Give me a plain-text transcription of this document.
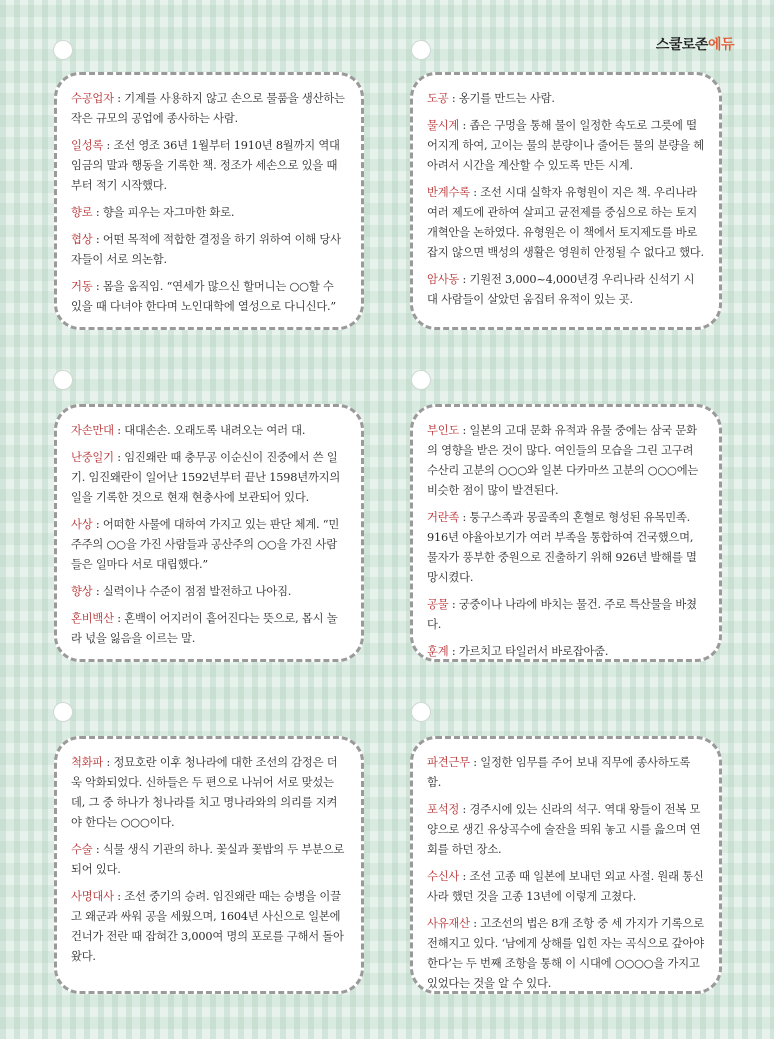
스쿨로존에듀

수공업자 : 기계를 사용하지 않고 손으로 물품을 생산하는 작은 규모의 공업에 종사하는 사람.

일성록 : 조선 영조 36년 1월부터 1910년 8월까지 역대 임금의 말과 행동을 기록한 책. 정조가 세손으로 있을 때부터 적기 시작했다.

향로 : 향을 피우는 자그마한 화로.

협상 : 어떤 목적에 적합한 결정을 하기 위하여 이해 당사자들이 서로 의논함.

거동 : 몸을 움직임. “연세가 많으신 할머니는 ○○할 수 있을 때 다녀야 한다며 노인대학에 열성으로 다니신다.”

도공 : 옹기를 만드는 사람.

물시계 : 좁은 구멍을 통해 물이 일정한 속도로 그릇에 떨어지게 하여, 고이는 물의 분량이나 줄어든 물의 분량을 헤아려서 시간을 계산할 수 있도록 만든 시계.

반계수록 : 조선 시대 실학자 유형원이 지은 책. 우리나라 여러 제도에 관하여 살피고 균전제를 중심으로 하는 토지 개혁안을 논하였다. 유형원은 이 책에서 토지제도를 바로잡지 않으면 백성의 생활은 영원히 안정될 수 없다고 했다.

암사동 : 기원전 3,000~4,000년경 우리나라 신석기 시대 사람들이 살았던 움집터 유적이 있는 곳.

자손만대 : 대대손손. 오래도록 내려오는 여러 대.

난중일기 : 임진왜란 때 충무공 이순신이 진중에서 쓴 일기. 임진왜란이 일어난 1592년부터 끝난 1598년까지의 일을 기록한 것으로 현재 현충사에 보관되어 있다.

사상 : 어떠한 사물에 대하여 가지고 있는 판단 체계. “민주주의 ○○을 가진 사람들과 공산주의 ○○을 가진 사람들은 일마다 서로 대립했다.”

향상 : 실력이나 수준이 점점 발전하고 나아짐.

혼비백산 : 혼백이 어지러이 흩어진다는 뜻으로, 몹시 놀라 넋을 잃음을 이르는 말.

부인도 : 일본의 고대 문화 유적과 유물 중에는 삼국 문화의 영향을 받은 것이 많다. 여인들의 모습을 그린 고구려 수산리 고분의 ○○○와 일본 다카마쓰 고분의 ○○○에는 비슷한 점이 많이 발견된다.

거란족 : 퉁구스족과 몽골족의 혼혈로 형성된 유목민족. 916년 야율아보기가 여러 부족을 통합하여 건국했으며, 물자가 풍부한 중원으로 진출하기 위해 926년 발해를 멸망시켰다.

공물 : 궁중이나 나라에 바치는 물건. 주로 특산물을 바쳤다.

훈계 : 가르치고 타일러서 바로잡아줌.

척화파 : 정묘호란 이후 청나라에 대한 조선의 감정은 더욱 악화되었다. 신하들은 두 편으로 나뉘어 서로 맞섰는데, 그 중 하나가 청나라를 치고 명나라와의 의리를 지켜야 한다는 ○○○이다.

수술 : 식물 생식 기관의 하나. 꽃실과 꽃밥의 두 부분으로 되어 있다.

사명대사 : 조선 중기의 승려. 임진왜란 때는 승병을 이끌고 왜군과 싸워 공을 세웠으며, 1604년 사신으로 일본에 건너가 전란 때 잡혀간 3,000여 명의 포로를 구해서 돌아왔다.

파견근무 : 일정한 임무를 주어 보내 직무에 종사하도록 함.

포석정 : 경주시에 있는 신라의 석구. 역대 왕들이 전복 모양으로 생긴 유상곡수에 술잔을 띄워 놓고 시를 읊으며 연회를 하던 장소.

수신사 : 조선 고종 때 일본에 보내던 외교 사절. 원래 통신사라 했던 것을 고종 13년에 이렇게 고쳤다.

사유재산 : 고조선의 법은 8개 조항 중 세 가지가 기록으로 전해지고 있다. ‘남에게 상해를 입힌 자는 곡식으로 갚아야 한다’는 두 번째 조항을 통해 이 시대에 ○○○○을 가지고 있었다는 것을 알 수 있다.
